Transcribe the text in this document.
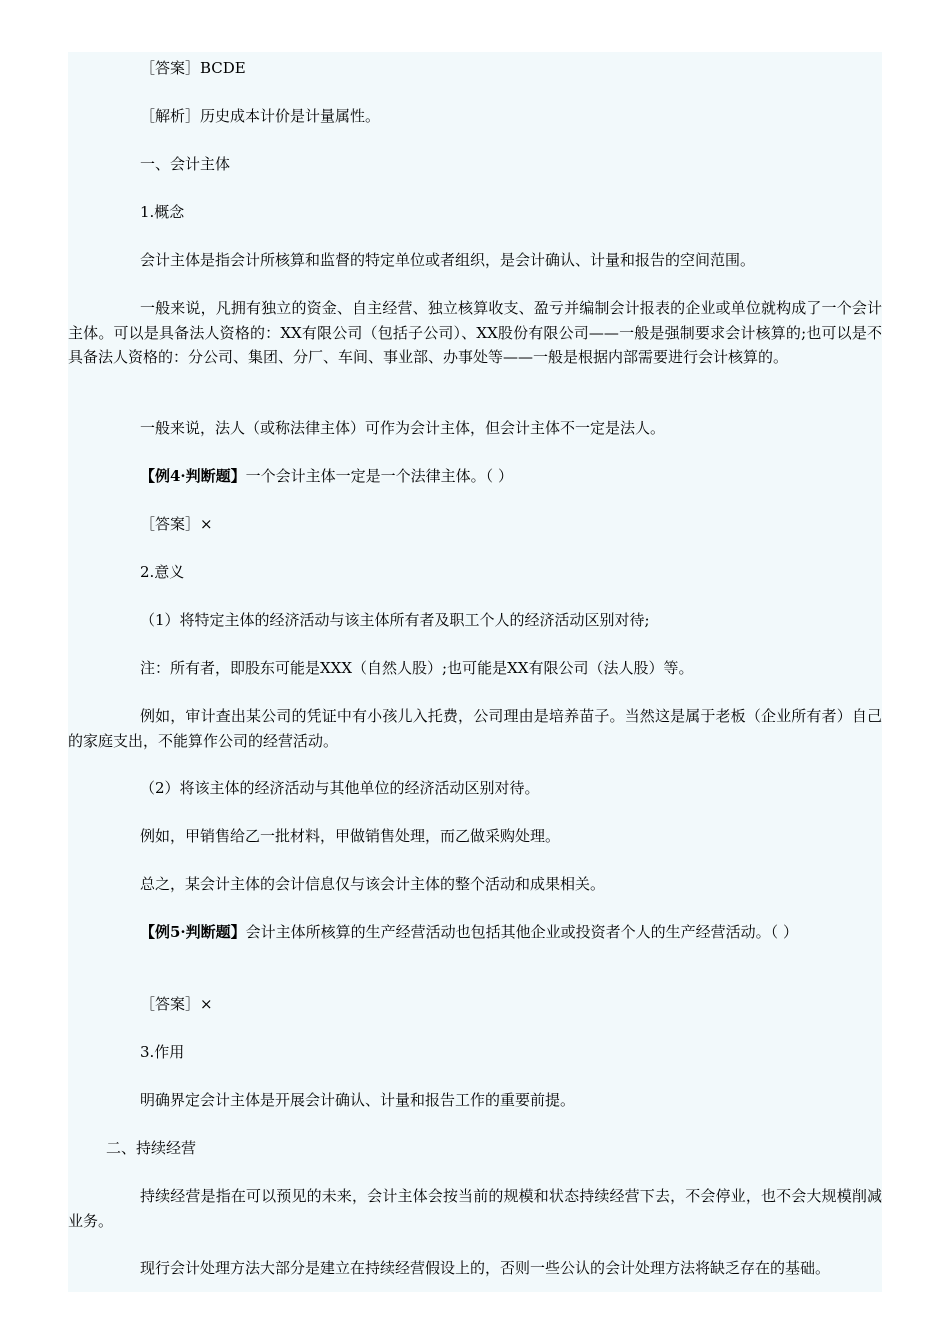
［答案］BCDE

［解析］历史成本计价是计量属性。

一、会计主体

1.概念

会计主体是指会计所核算和监督的特定单位或者组织，是会计确认、计量和报告的空间范围。

一般来说，凡拥有独立的资金、自主经营、独立核算收支、盈亏并编制会计报表的企业或单位就构成了一个会计主体。可以是具备法人资格的：XX有限公司（包括子公司）、XX股份有限公司——一般是强制要求会计核算的;也可以是不具备法人资格的：分公司、集团、分厂、车间、事业部、办事处等——一般是根据内部需要进行会计核算的。

一般来说，法人（或称法律主体）可作为会计主体，但会计主体不一定是法人。

【例4·判断题】一个会计主体一定是一个法律主体。（ ）

［答案］×

2.意义

（1）将特定主体的经济活动与该主体所有者及职工个人的经济活动区别对待;

注：所有者，即股东可能是XXX（自然人股）;也可能是XX有限公司（法人股）等。

例如，审计查出某公司的凭证中有小孩儿入托费，公司理由是培养苗子。当然这是属于老板（企业所有者）自己的家庭支出，不能算作公司的经营活动。

（2）将该主体的经济活动与其他单位的经济活动区别对待。

例如，甲销售给乙一批材料，甲做销售处理，而乙做采购处理。

总之，某会计主体的会计信息仅与该会计主体的整个活动和成果相关。

【例5·判断题】会计主体所核算的生产经营活动也包括其他企业或投资者个人的生产经营活动。（ ）

［答案］×

3.作用

明确界定会计主体是开展会计确认、计量和报告工作的重要前提。

二、持续经营

持续经营是指在可以预见的未来，会计主体会按当前的规模和状态持续经营下去，不会停业，也不会大规模削减业务。

现行会计处理方法大部分是建立在持续经营假设上的，否则一些公认的会计处理方法将缺乏存在的基础。
